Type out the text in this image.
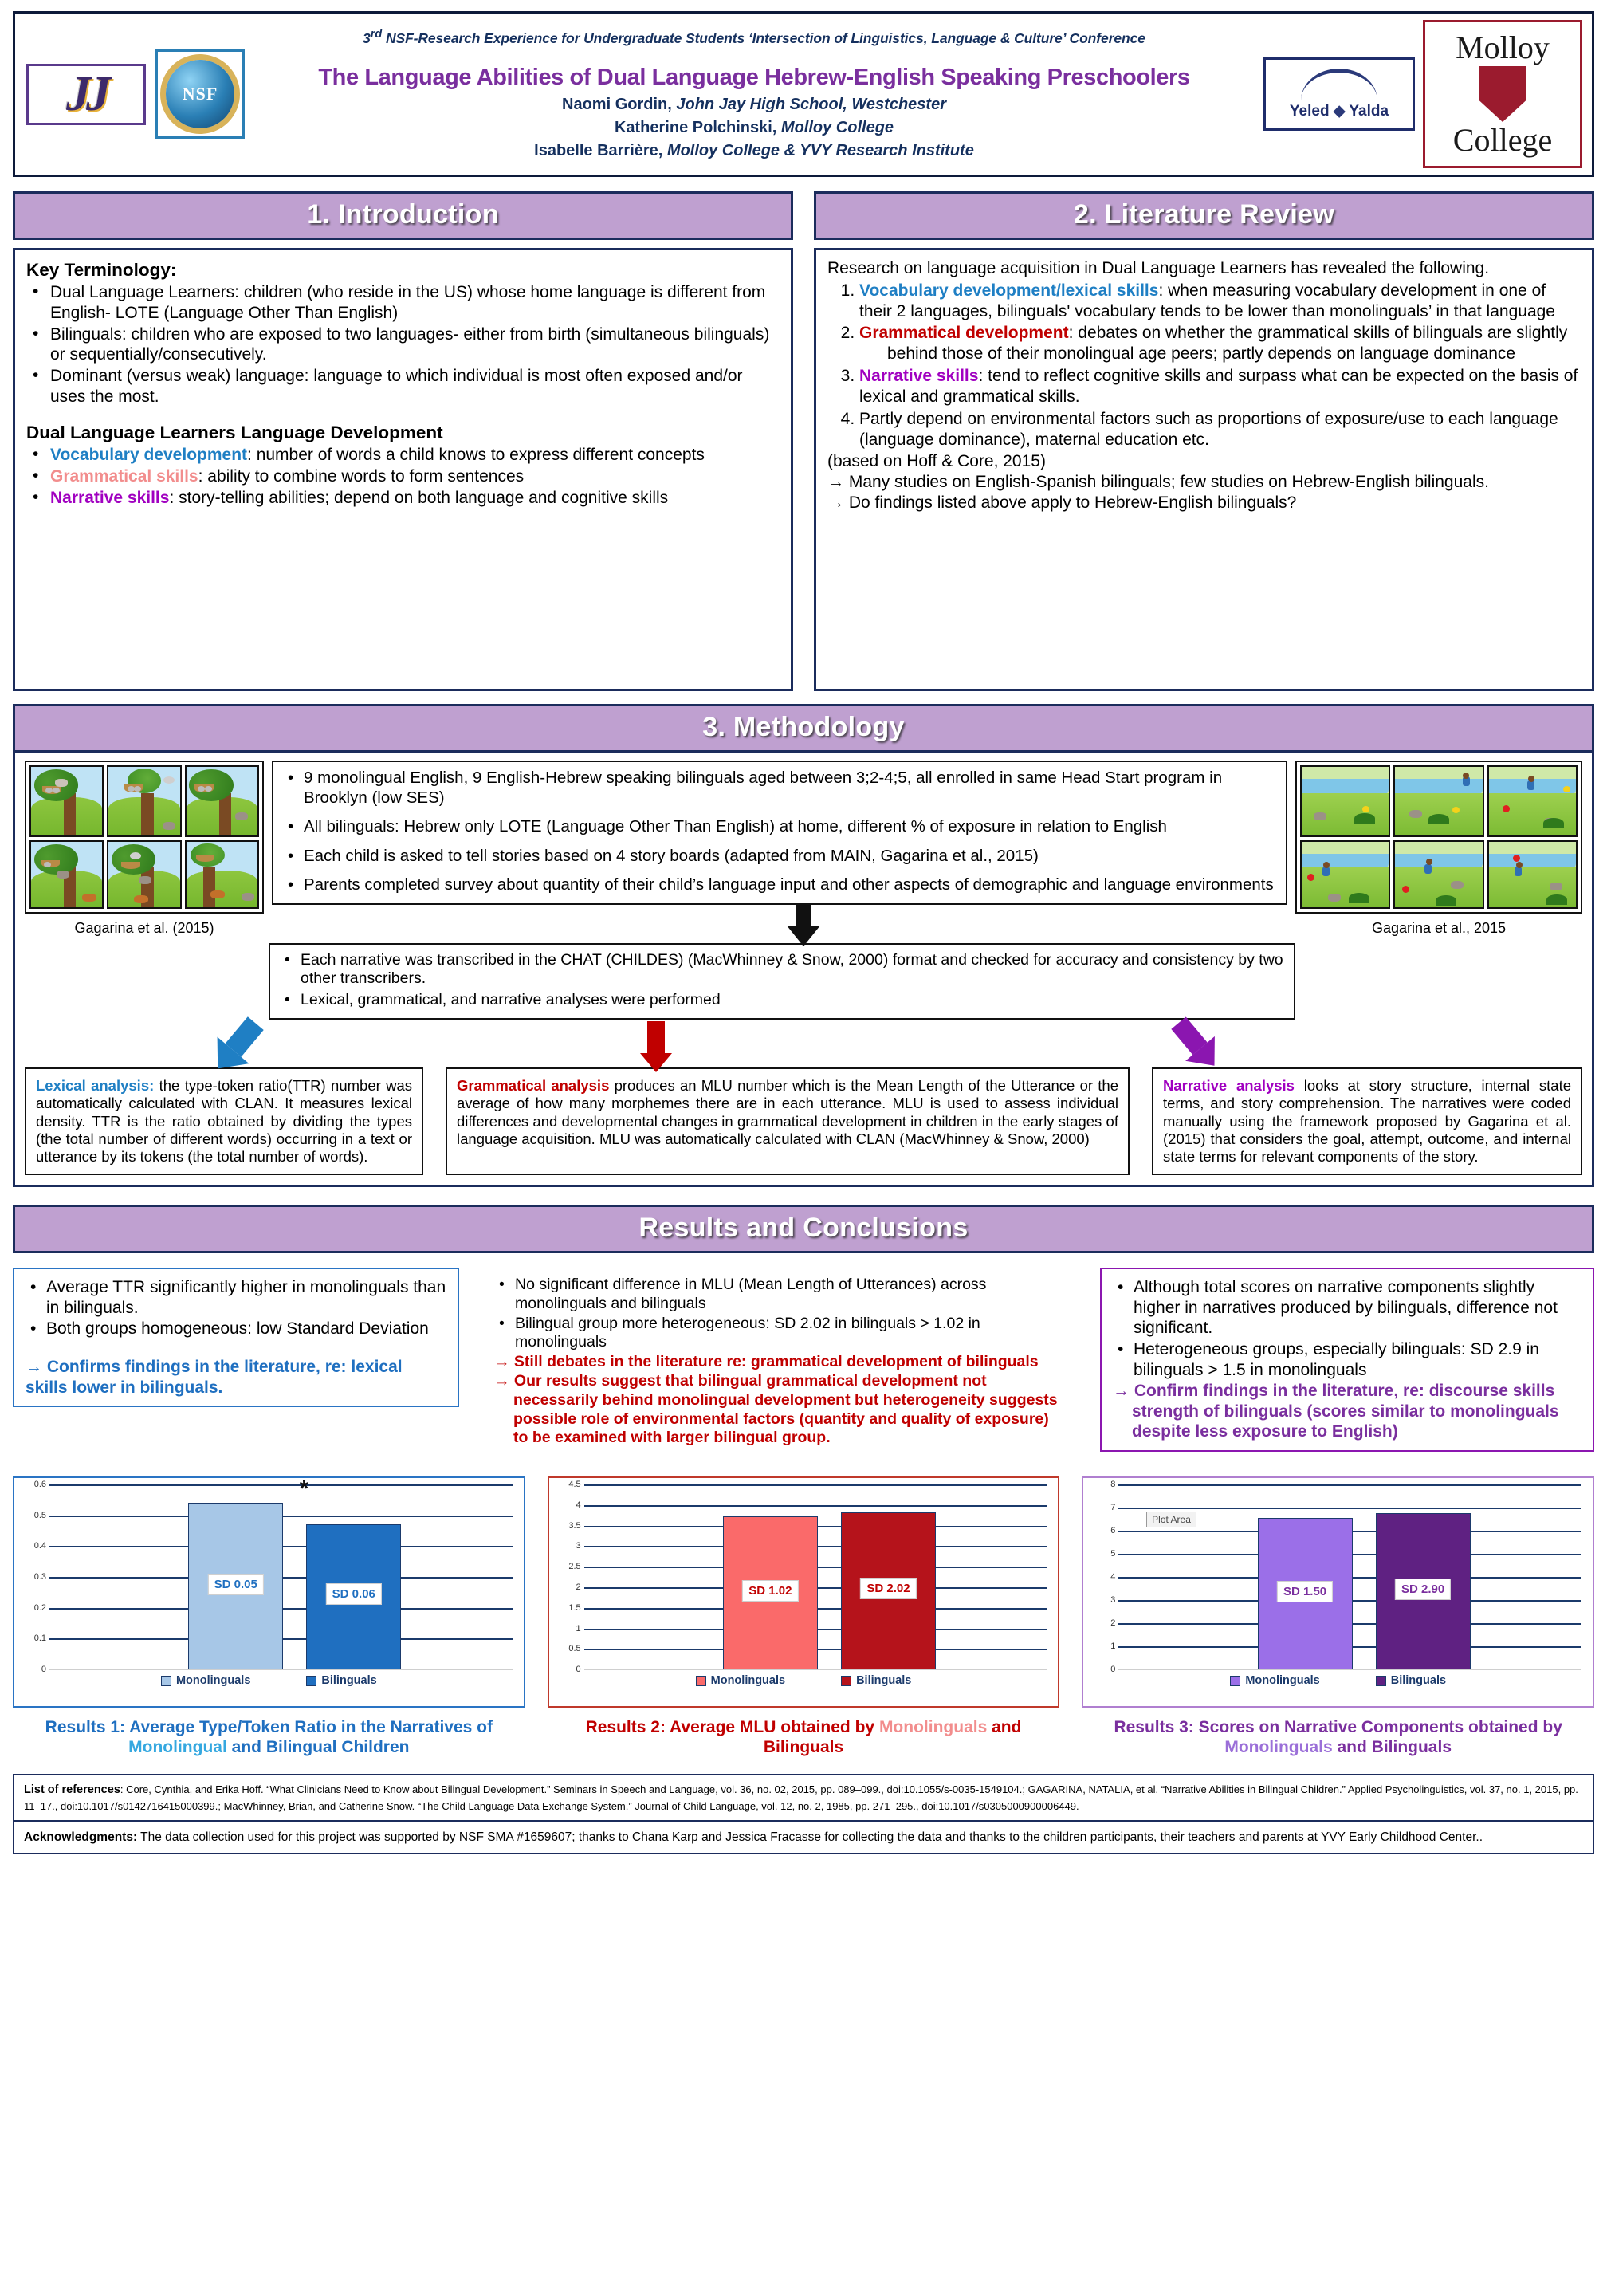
JJ	NSF
3rd NSF-Research Experience for Undergraduate Students ‘Intersection of Linguistics, Language & Culture’ Conference
The Language Abilities of Dual Language Hebrew-English Speaking Preschoolers
Naomi Gordin, John Jay High School, Westchester
Katherine Polchinski, Molloy College
Isabelle Barrière, Molloy College & YVY Research Institute
Yeled ◆ Yalda
Molloy
College
1. Introduction
Key Terminology:
• Dual Language Learners: children (who reside in the US) whose home language is different from English- LOTE (Language Other Than English)
• Bilinguals: children who are exposed to two languages- either from birth (simultaneous bilinguals) or sequentially/consecutively.
• Dominant (versus weak) language: language to which individual is most often exposed and/or uses the most.
Dual Language Learners Language Development
• Vocabulary development: number of words a child knows to express different concepts
• Grammatical skills: ability to combine words to form sentences
• Narrative skills: story-telling abilities; depend on both language and cognitive skills
2. Literature Review

Research on language acquisition in Dual Language Learners has revealed the following.

1. Vocabulary development/lexical skills: when measuring vocabulary development in one of their 2 languages, bilinguals' vocabulary tends to be lower than monolinguals’ in that language
2. Grammatical development: debates on whether the grammatical skills of bilinguals are slightly       behind those of their monolingual age peers; partly depends on language dominance
3. Narrative skills: tend to reflect cognitive skills and surpass what can be expected on the basis of lexical and grammatical skills.
4. Partly depend on environmental factors such as proportions of exposure/use to each language (language dominance), maternal education etc.

(based on Hoff & Core, 2015)

→ Many studies on English-Spanish bilinguals; few studies on Hebrew-English bilinguals.

→ Do findings listed above apply to Hebrew-English bilinguals?

3. Methodology
Gagarina et al. (2015)
• 9 monolingual English, 9 English-Hebrew speaking bilinguals aged between 3;2-4;5, all enrolled in same Head Start program in Brooklyn (low SES)
• All bilinguals: Hebrew only LOTE (Language Other Than English) at home, different % of exposure in relation to English
• Each child is asked to tell stories based on 4 story boards (adapted from MAIN, Gagarina et al., 2015)
• Parents completed survey about quantity of their child’s language input and other aspects of demographic and language environments
Gagarina et al., 2015
• Each narrative was transcribed in the CHAT (CHILDES) (MacWhinney & Snow, 2000) format and checked for accuracy and consistency by two other transcribers.
• Lexical, grammatical, and narrative analyses were performed
Lexical analysis: the type-token ratio(TTR) number was automatically calculated with CLAN. It measures lexical density. TTR is the ratio obtained by dividing the types (the total number of different words) occurring in a text or utterance by its tokens (the total number of words).
Grammatical analysis produces an MLU number which is the Mean Length of the Utterance or the average of how many morphemes there are in each utterance. MLU is used to assess individual differences and developmental changes in grammatical development in children in the early stages of language acquisition. MLU was automatically calculated with CLAN (MacWhinney & Snow, 2000)
Narrative analysis looks at story structure, internal state terms, and story comprehension. The narratives were coded manually using the framework proposed by Gagarina et al. (2015) that considers the goal, attempt, outcome, and internal state terms for relevant components of the story.
Results and Conclusions
• Average TTR significantly higher in monolinguals than in bilinguals.
• Both groups homogeneous: low Standard Deviation

→ Confirms findings in the literature, re: lexical skills lower in bilinguals.

• No significant difference in MLU (Mean Length of Utterances) across monolinguals and bilinguals
• Bilingual group more heterogeneous: SD 2.02 in bilinguals > 1.02 in monolinguals

→ Still debates in the literature re: grammatical development of bilinguals

→ Our results suggest that bilingual grammatical development not necessarily behind monolingual development but heterogeneity suggests possible role of environmental factors (quantity and quality of exposure) to be examined with larger bilingual group.

• Although total scores on narrative components slightly higher in narratives produced by bilinguals, difference not significant.
• Heterogeneous groups, especially bilinguals: SD 2.9 in bilinguals > 1.5 in monolinguals

→ Confirm findings in the literature, re: discourse skills strength of bilinguals (scores similar to monolinguals despite less exposure to English)

0
0.1
0.2
0.3
0.4
0.5
0.6
SD 0.05
SD 0.06
*
Monolinguals	Bilinguals
Results 1: Average Type/Token Ratio in the Narratives of Monolingual and Bilingual Children
0
0.5
1
1.5
2
2.5
3
3.5
4
4.5
SD 1.02	SD 2.02
Monolinguals	Bilinguals
Results 2: Average MLU obtained by Monolinguals and Bilinguals
0
1
2
3
4
5
6
7
8
SD 1.50	SD 2.90
Plot Area
Monolinguals	Bilinguals
Results 3: Scores on Narrative Components obtained by Monolinguals and Bilinguals
List of references: Core, Cynthia, and Erika Hoff. “What Clinicians Need to Know about Bilingual Development.” Seminars in Speech and Language, vol. 36, no. 02, 2015, pp. 089–099., doi:10.1055/s-0035-1549104.; GAGARINA, NATALIA, et al. “Narrative Abilities in Bilingual Children.” Applied Psycholinguistics, vol. 37, no. 1, 2015, pp. 11–17., doi:10.1017/s0142716415000399.; MacWhinney, Brian, and Catherine Snow. “The Child Language Data Exchange System.” Journal of Child Language, vol. 12, no. 2, 1985, pp. 271–295., doi:10.1017/s0305000900006449.
Acknowledgments: The data collection used for this project was supported by NSF SMA #1659607; thanks to Chana Karp and Jessica Fracasse for collecting the data and thanks to the children participants, their teachers and parents at YVY Early Childhood Center..
